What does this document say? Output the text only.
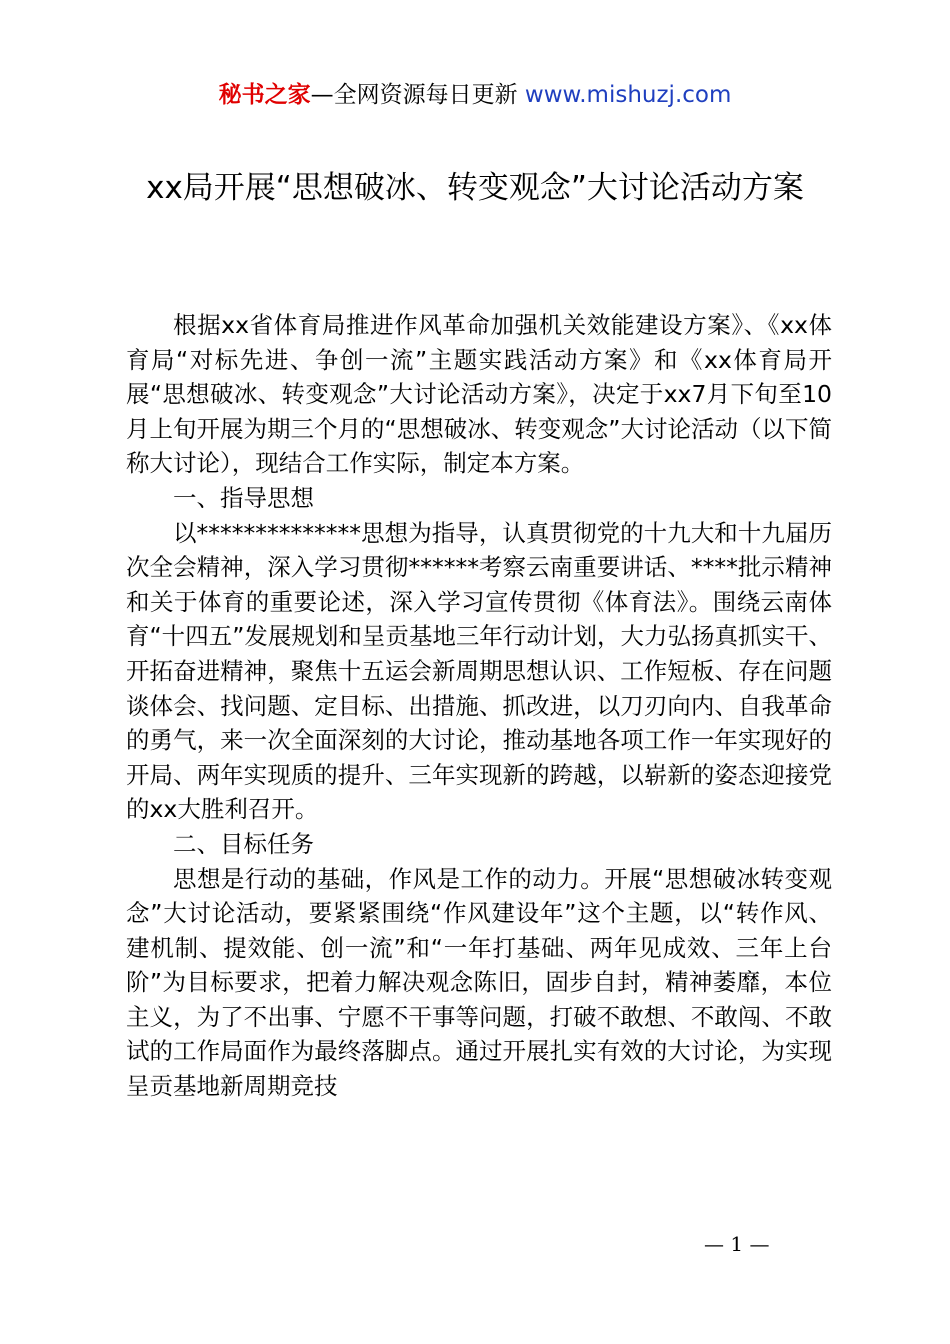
秘书之家—全网资源每日更新 www.mishuzj.com
xx局开展“思想破冰、转变观念”大讨论活动方案

根据xx省体育局推进作风革命加强机关效能建设方案》、《xx体育局“对标先进、争创一流”主题实践活动方案》和《xx体育局开展“思想破冰、转变观念”大讨论活动方案》，决定于xx7月下旬至10月上旬开展为期三个月的“思想破冰、转变观念”大讨论活动（以下简称大讨论），现结合工作实际，制定本方案。

一、指导思想

以**************思想为指导，认真贯彻党的十九大和十九届历次全会精神，深入学习贯彻******考察云南重要讲话、****批示精神和关于体育的重要论述，深入学习宣传贯彻《体育法》。围绕云南体育“十四五”发展规划和呈贡基地三年行动计划，大力弘扬真抓实干、开拓奋进精神，聚焦十五运会新周期思想认识、工作短板、存在问题谈体会、找问题、定目标、出措施、抓改进，以刀刃向内、自我革命的勇气，来一次全面深刻的大讨论，推动基地各项工作一年实现好的开局、两年实现质的提升、三年实现新的跨越，以崭新的姿态迎接党的xx大胜利召开。

二、目标任务

思想是行动的基础，作风是工作的动力。开展“思想破冰转变观念”大讨论活动，要紧紧围绕“作风建设年”这个主题，以“转作风、建机制、提效能、创一流”和“一年打基础、两年见成效、三年上台阶”为目标要求，把着力解决观念陈旧，固步自封，精神萎靡，本位主义，为了不出事、宁愿不干事等问题，打破不敢想、不敢闯、不敢试的工作局面作为最终落脚点。通过开展扎实有效的大讨论，为实现呈贡基地新周期竞技

— 1 —
